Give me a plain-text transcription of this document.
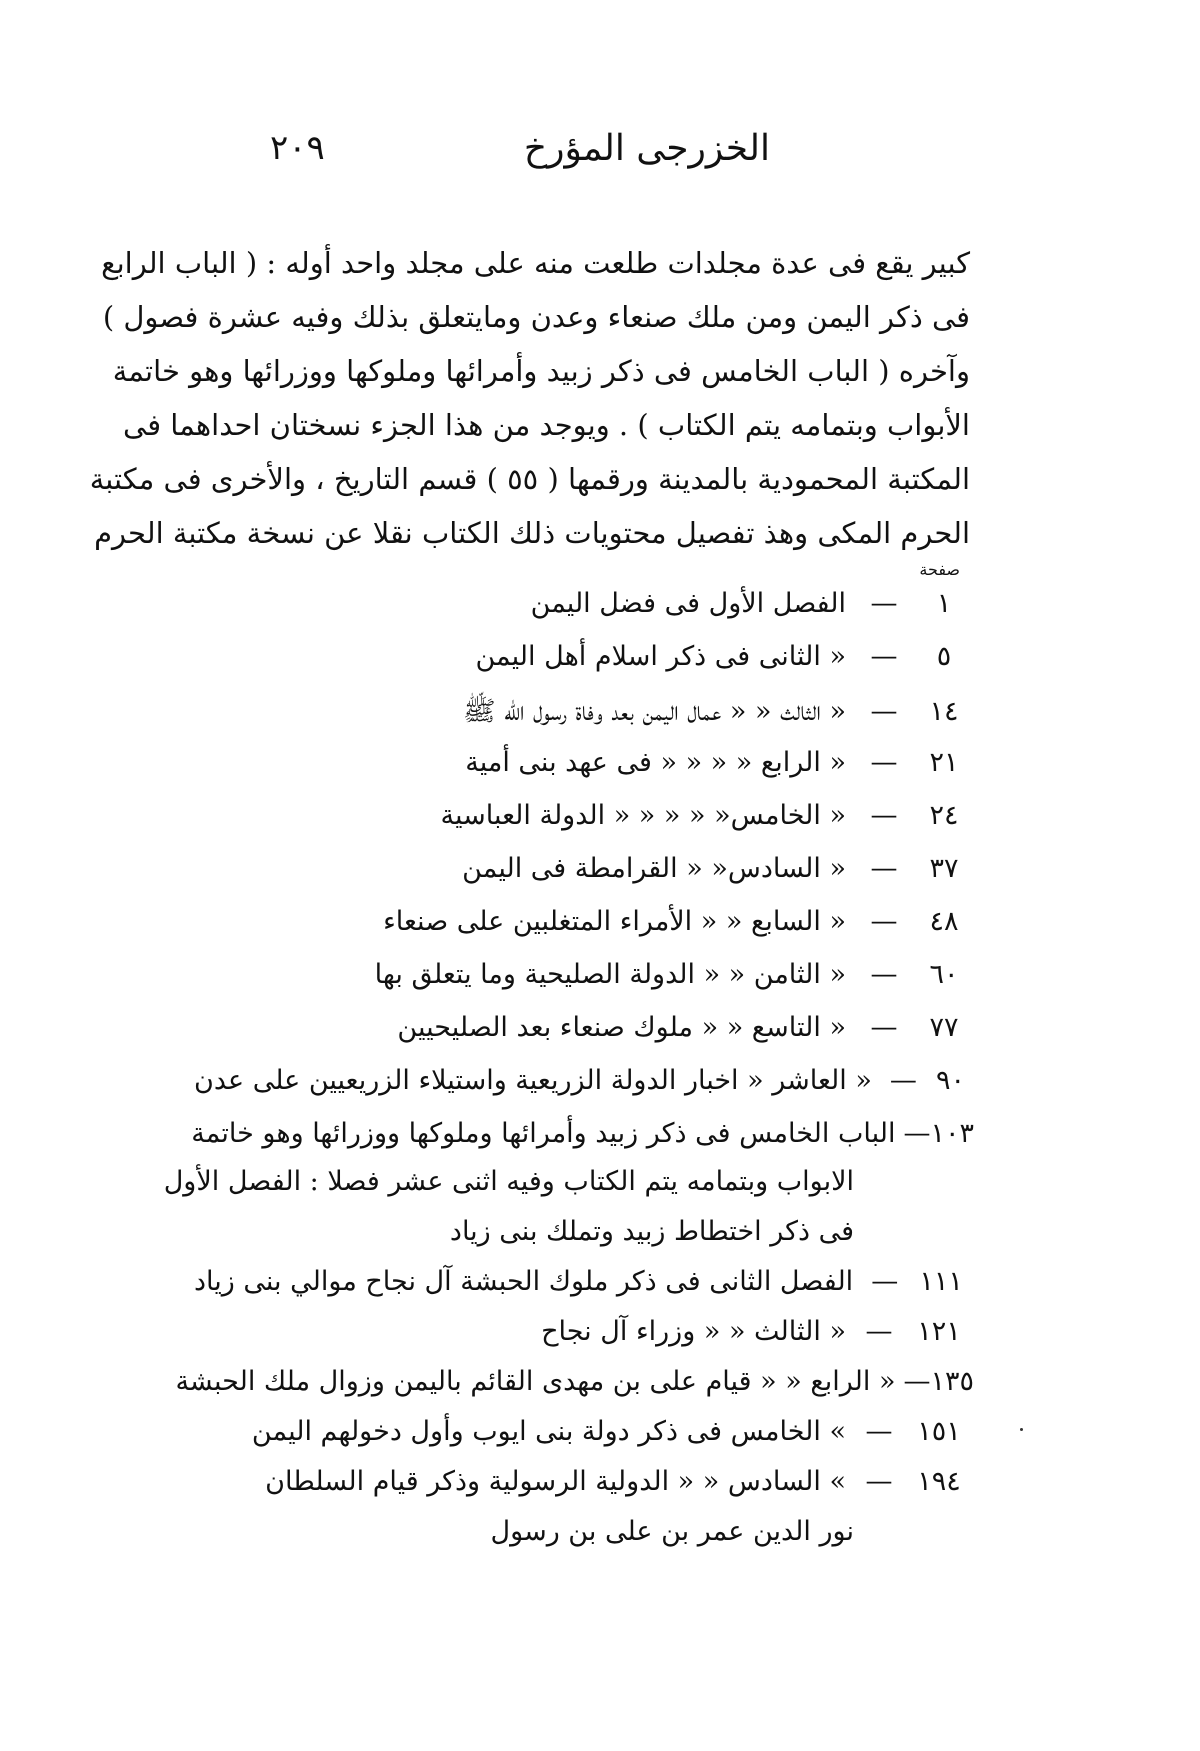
الخزرجى المؤرخ
٢٠٩
كبير يقع فى عدة مجلدات طلعت منه على مجلد واحد أوله : ( الباب الرابع
فى ذكر اليمن ومن ملك صنعاء وعدن ومايتعلق بذلك وفيه عشرة فصول )
وآخره ( الباب الخامس فى ذكر زبيد وأمرائها وملوكها ووزرائها وهو خاتمة
الأبواب وبتمامه يتم الكتاب ) . ويوجد من هذا الجزء نسختان احداهما فى
المكتبة المحمودية بالمدينة ورقمها ( ٥٥ ) قسم التاريخ ، والأخرى فى مكتبة
الحرم المكى وهذ تفصيل محتويات ذلك الكتاب نقلا عن نسخة مكتبة الحرم
صفحة
١
—
الفصل الأول فى فضل اليمن
٥
—
« الثانى فى ذكر اسلام أهل اليمن
١٤
—
« الثالث « « عمال اليمن بعد وفاة رسول الله ﷺ
٢١
—
« الرابع « « « « فى عهد بنى أمية
٢٤
—
« الخامس« « « « « الدولة العباسية
٣٧
—
« السادس« « القرامطة فى اليمن
٤٨
—
« السابع « « الأمراء المتغلبين على صنعاء
٦٠
—
« الثامن « « الدولة الصليحية وما يتعلق بها
٧٧
—
« التاسع « « ملوك صنعاء بعد الصليحيين
٩٠
—
« العاشر « اخبار الدولة الزريعية واستيلاء الزريعيين على عدن
١٠٣
—
الباب الخامس فى ذكر زبيد وأمرائها وملوكها ووزرائها وهو خاتمة
الابواب وبتمامه يتم الكتاب وفيه اثنى عشر فصلا : الفصل الأول
فى ذكر اختطاط زبيد وتملك بنى زياد
١١١
—
الفصل الثانى فى ذكر ملوك الحبشة آل نجاح موالي بنى زياد
١٢١
—
« الثالث « « وزراء آل نجاح
١٣٥
—
« الرابع « « قيام على بن مهدى القائم باليمن وزوال ملك الحبشة
١٥١
—
» الخامس فى ذكر دولة بنى ايوب وأول دخولهم اليمن
١٩٤
—
» السادس « « الدولية الرسولية وذكر قيام السلطان
نور الدين عمر بن على بن رسول
